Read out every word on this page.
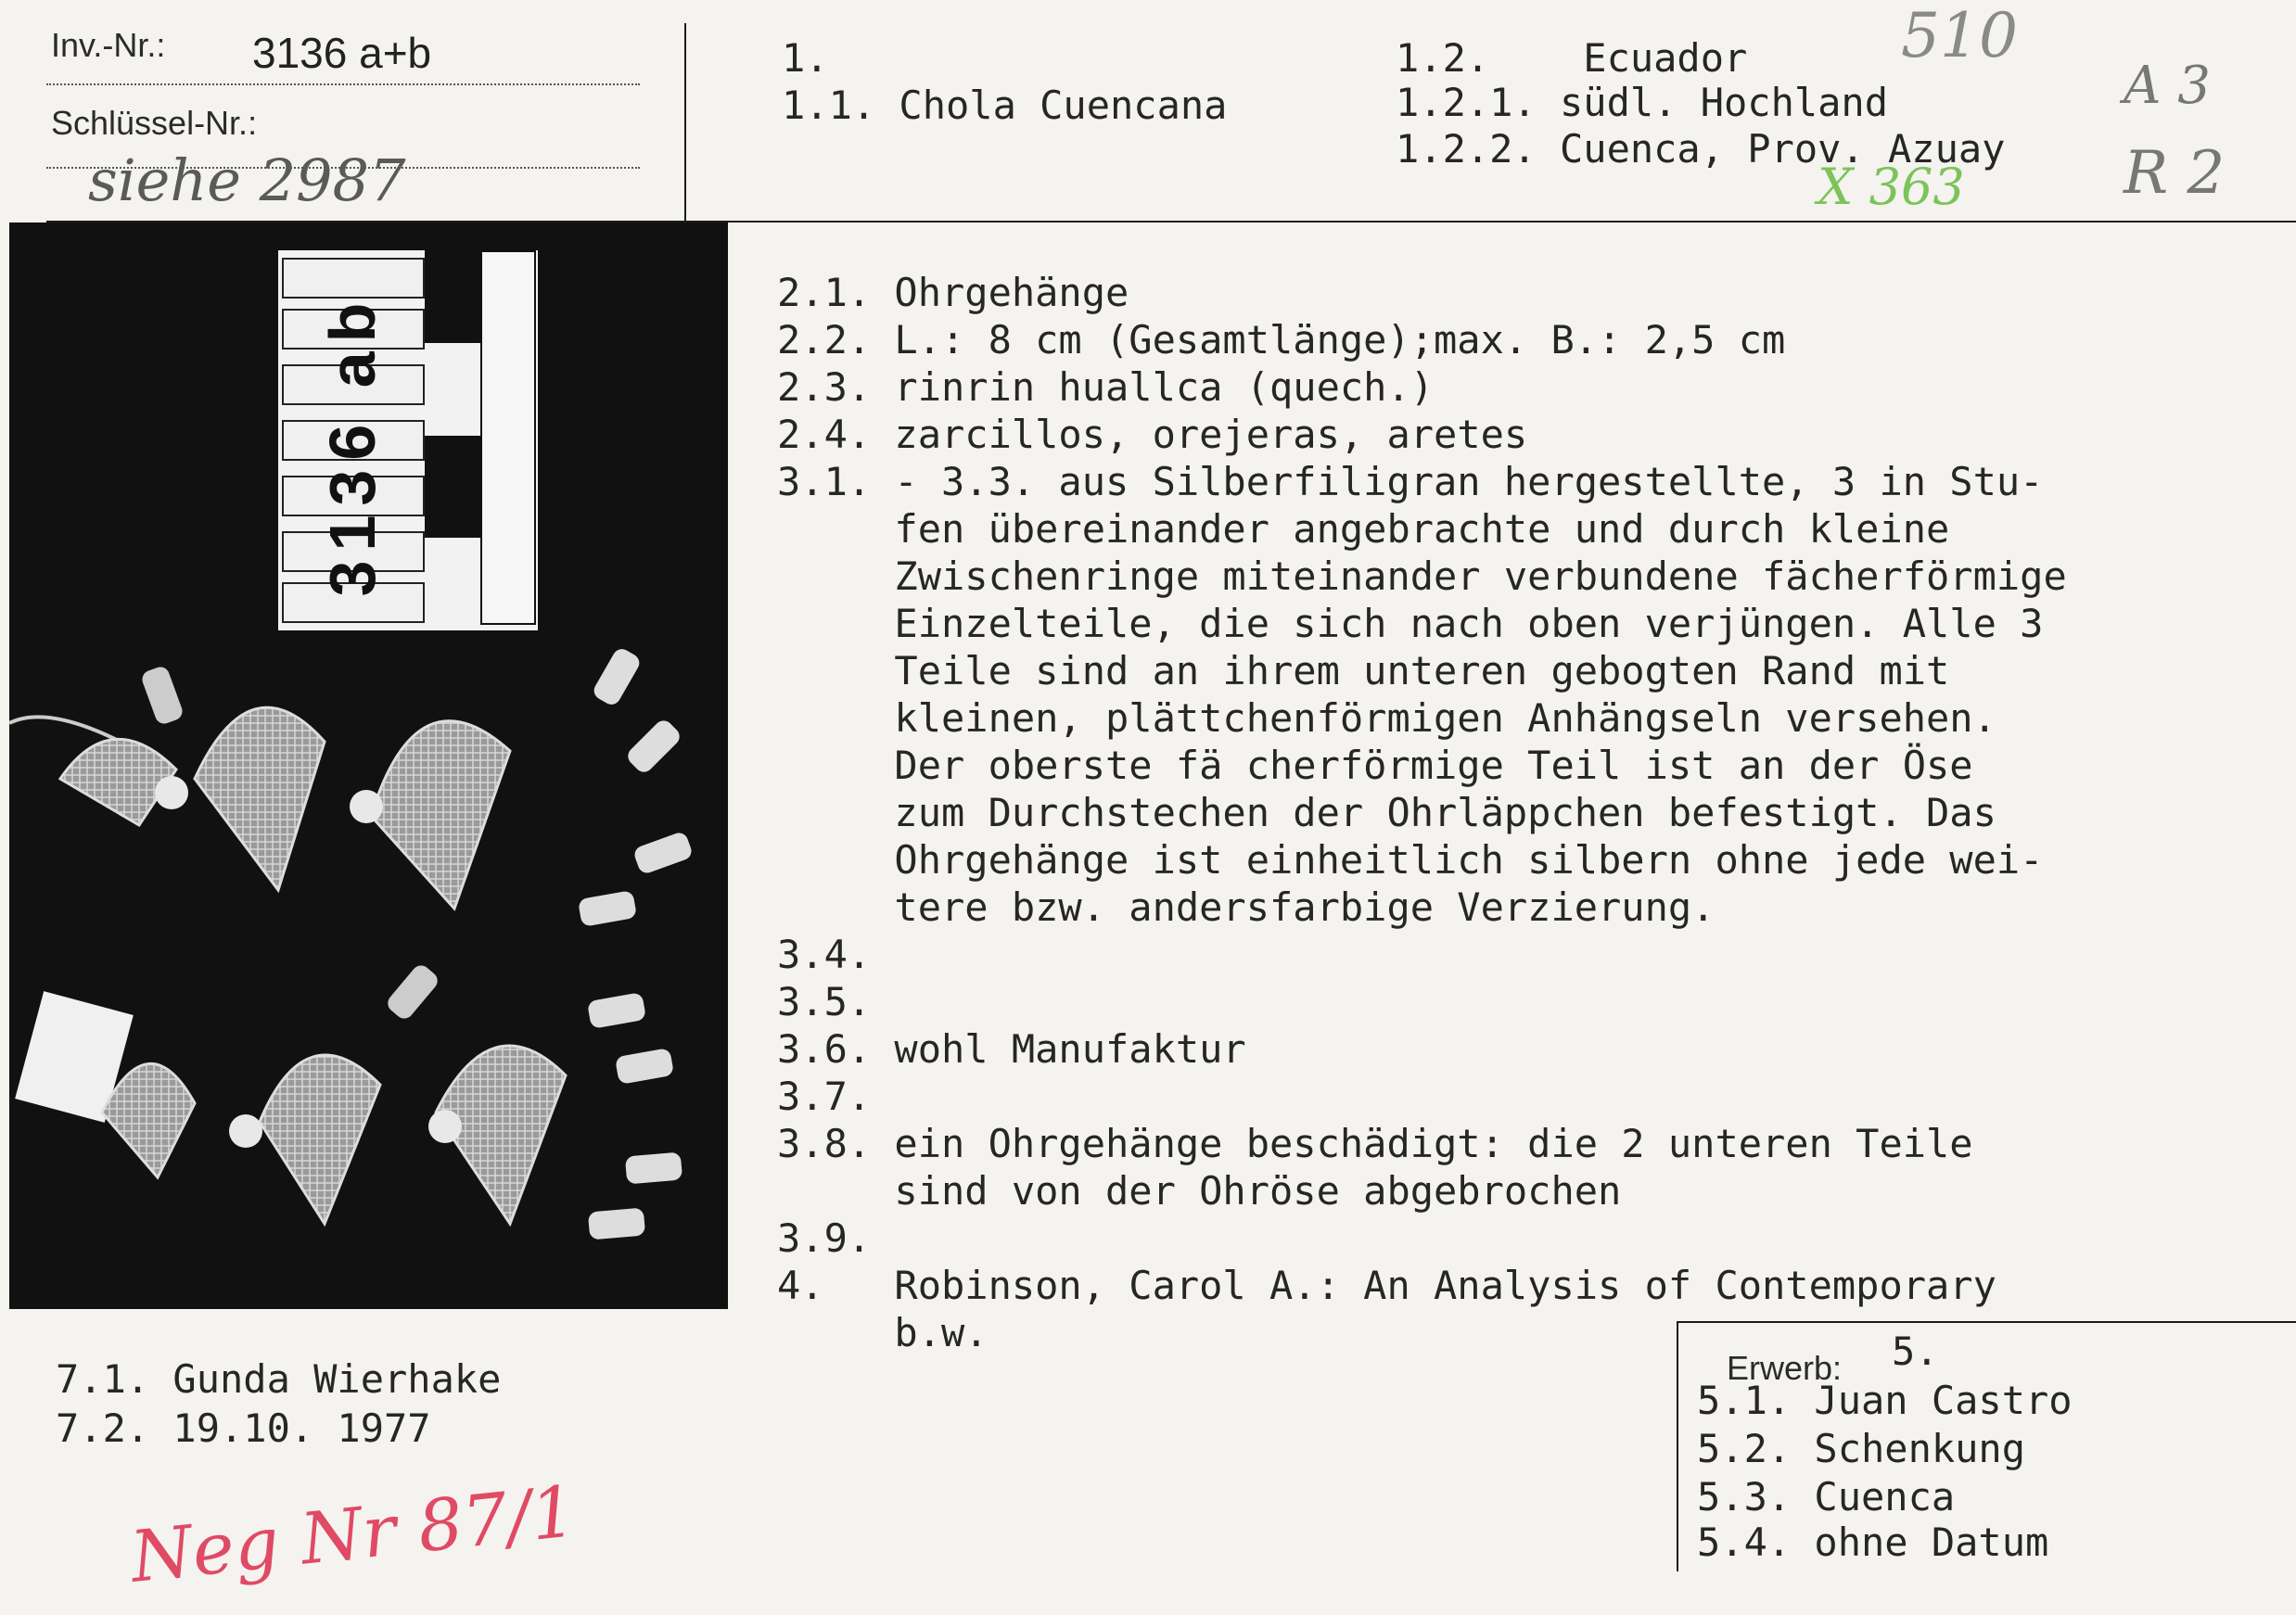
Inv.-Nr.: 3136 a+b
Schlüssel-Nr.:
siehe 2987
1.
1.1. Chola Cuencana
1.2.    Ecuador
1.2.1. südl. Hochland
1.2.2. Cuenca, Prov. Azuay
510
A 3
R 2
X 363
3136 ab
2.1. Ohrgehänge
2.2. L.: 8 cm (Gesamtlänge);max. B.: 2,5 cm
2.3. rinrin huallca (quech.)
2.4. zarcillos, orejeras, aretes
3.1. - 3.3. aus Silberfiligran hergestellte, 3 in Stu-
fen übereinander angebrachte und durch kleine
Zwischenringe miteinander verbundene fächerförmige
Einzelteile, die sich nach oben verjüngen. Alle 3
Teile sind an ihrem unteren gebogten Rand mit
kleinen, plättchenförmigen Anhängseln versehen.
Der oberste fä cherförmige Teil ist an der Öse
zum Durchstechen der Ohrläppchen befestigt. Das
Ohrgehänge ist einheitlich silbern ohne jede wei-
tere bzw. andersfarbige Verzierung.
3.4.
3.5.
3.6. wohl Manufaktur
3.7.
3.8. ein Ohrgehänge beschädigt: die 2 unteren Teile
sind von der Ohröse abgebrochen
3.9.
4.   Robinson, Carol A.: An Analysis of Contemporary
b.w.
7.1. Gunda Wierhake
7.2. 19.10. 1977
Neg Nr 87/1
Erwerb: 5.
5.1. Juan Castro
5.2. Schenkung
5.3. Cuenca
5.4. ohne Datum
